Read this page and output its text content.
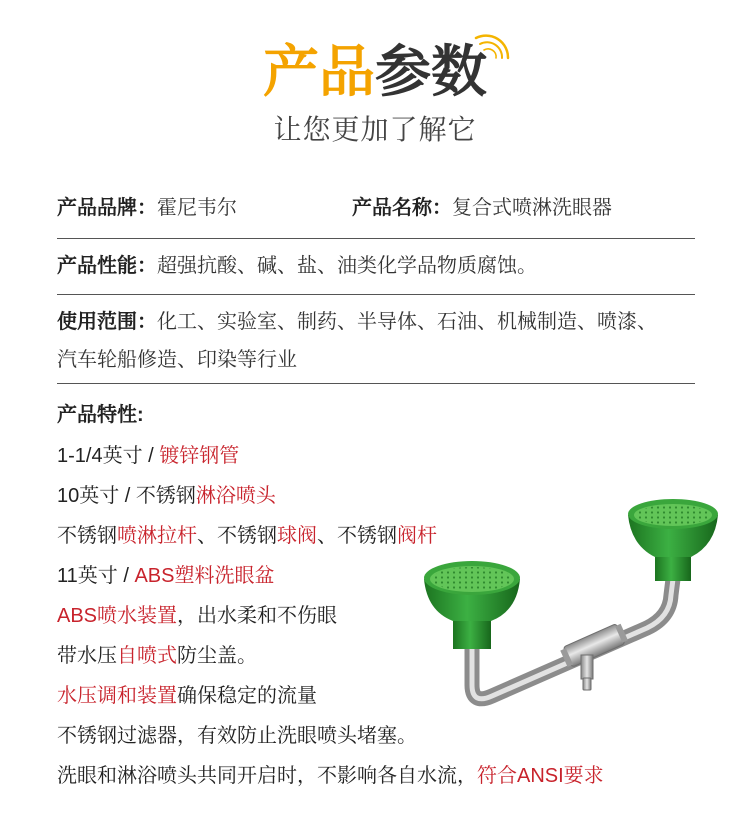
产品参数
让您更加了解它
产品品牌：霍尼韦尔	产品名称：复合式喷淋洗眼器
产品性能：超强抗酸、碱、盐、油类化学品物质腐蚀。
使用范围：化工、实验室、制药、半导体、石油、机械制造、喷漆、
汽车轮船修造、印染等行业
产品特性:
1-1/4英寸 / 镀锌钢管
10英寸 / 不锈钢淋浴喷头
不锈钢喷淋拉杆、不锈钢球阀、不锈钢阀杆
11英寸 / ABS塑料洗眼盆
ABS喷水装置，出水柔和不伤眼
带水压自喷式防尘盖。
水压调和装置确保稳定的流量
不锈钢过滤器，有效防止洗眼喷头堵塞。
洗眼和淋浴喷头共同开启时，不影响各自水流，符合ANSI要求
